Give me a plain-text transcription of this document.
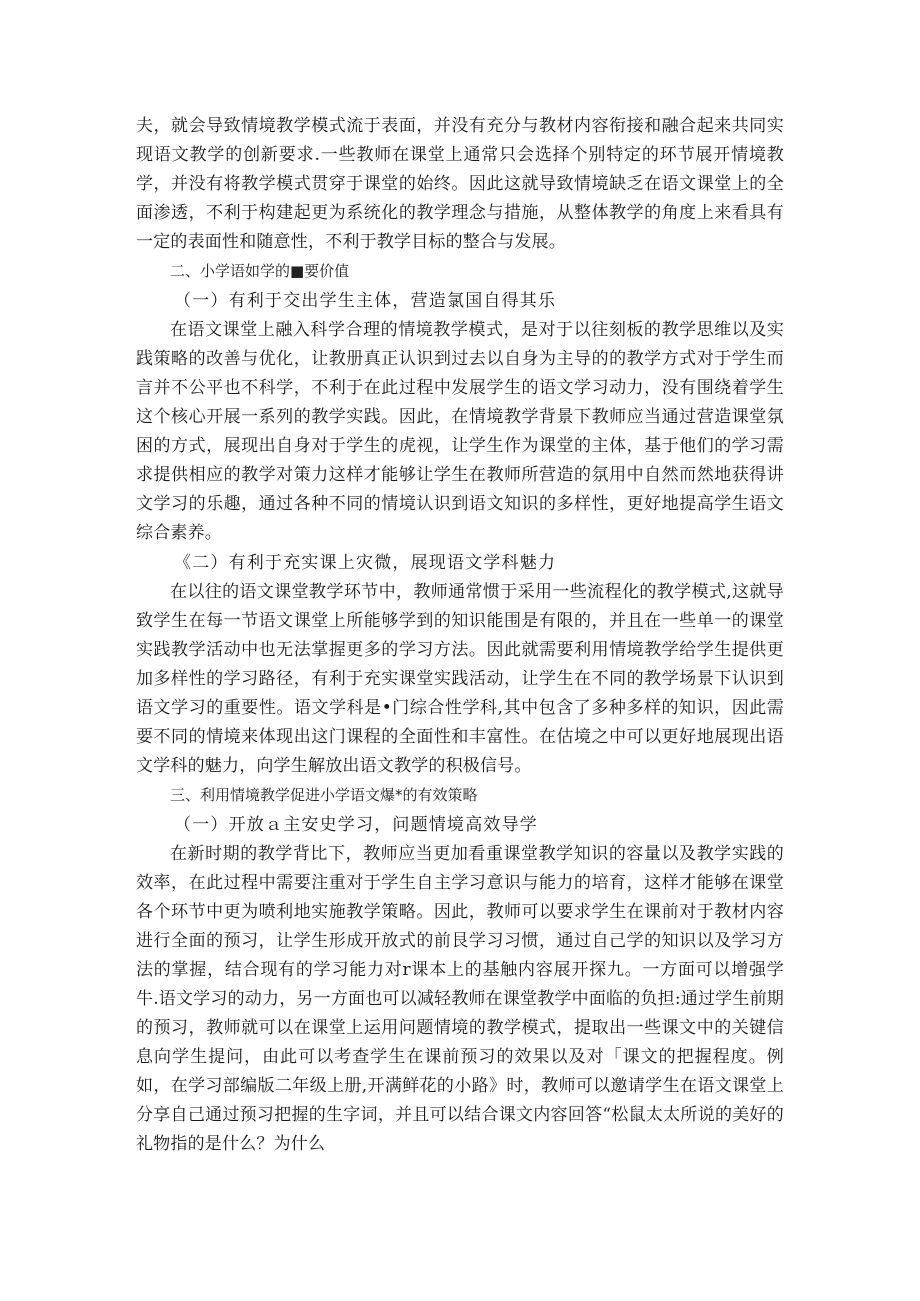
夫，就会导致情境教学模式流于表面，并没有充分与教材内容衔接和融合起来共同实现语文教学的创新要求.一些教师在课堂上通常只会选择个别特定的环节展开情境教学，并没有将教学模式贯穿于课堂的始终。因此这就导致情境缺乏在语文课堂上的全面渗透，不利于构建起更为系统化的教学理念与措施，从整体教学的角度上来看具有一定的表面性和随意性，不利于教学目标的整合与发展。

二、小学语如学的■要价值

（一）有利于交出学生主体，营造氯国自得其乐

在语文课堂上融入科学合理的情境教学模式，是对于以往刻板的教学思维以及实践策略的改善与优化，让教册真正认识到过去以自身为主导的的教学方式对于学生而言并不公平也不科学，不利于在此过程中发展学生的语文学习动力，没有围绕着学生这个核心开展一系列的教学实践。因此，在情境教学背景下教师应当通过营造课堂氛困的方式，展现出自身对于学生的虎视，让学生作为课堂的主体，基于他们的学习需求提供相应的教学对策力这样才能够让学生在教师所营造的氛用中自然而然地获得讲文学习的乐趣，通过各种不同的情境认识到语文知识的多样性，更好地提高学生语文综合素养。

《二）有利于充实课上灾微，展现语文学科魅力

在以往的语文课堂教学环节中，教师通常惯于采用一些流程化的教学模式,这就导致学生在每一节语文课堂上所能够学到的知识能围是有限的，并且在一些单一的课堂实践教学活动中也无法掌握更多的学习方法。因此就需要利用情境教学给学生提供更加多样性的学习路径，有利于充实课堂实践活动，让学生在不同的教学场景下认识到语文学习的重要性。语文学科是•门综合性学科,其中包含了多种多样的知识，因此需要不同的情境来体现出这门课程的全面性和丰富性。在估境之中可以更好地展现出语文学科的魅力，向学生解放出语文教学的积极信号。

三、利用情境教学促进小学语文爆*的有效策略

（一）开放ａ主安史学习，问题情境高效导学

在新时期的教学背比下，教师应当更加看重课堂教学知识的容量以及教学实践的效率，在此过程中需要注重对于学生自主学习意识与能力的培育，这样才能够在课堂各个环节中更为喷利地实施教学策略。因此，教师可以要求学生在课前对于教材内容进行全面的预习，让学生形成开放式的前艮学习习惯，通过自己学的知识以及学习方法的掌握，结合现有的学习能力对r课本上的基触内容展开探九。一方面可以增强学牛.语文学习的动力，另一方面也可以减轻教师在课堂教学中面临的负担:通过学生前期的预习，教师就可以在课堂上运用问题情境的教学模式，提取出一些课文中的关键信息向学生提问，由此可以考查学生在课前预习的效果以及对「课文的把握程度。例如，在学习部编版二年级上册,开满鲜花的小路》时，教师可以邀请学生在语文课堂上分享自己通过预习把握的生字词，并且可以结合课文内容回答“松鼠太太所说的美好的礼物指的是什么？为什么
